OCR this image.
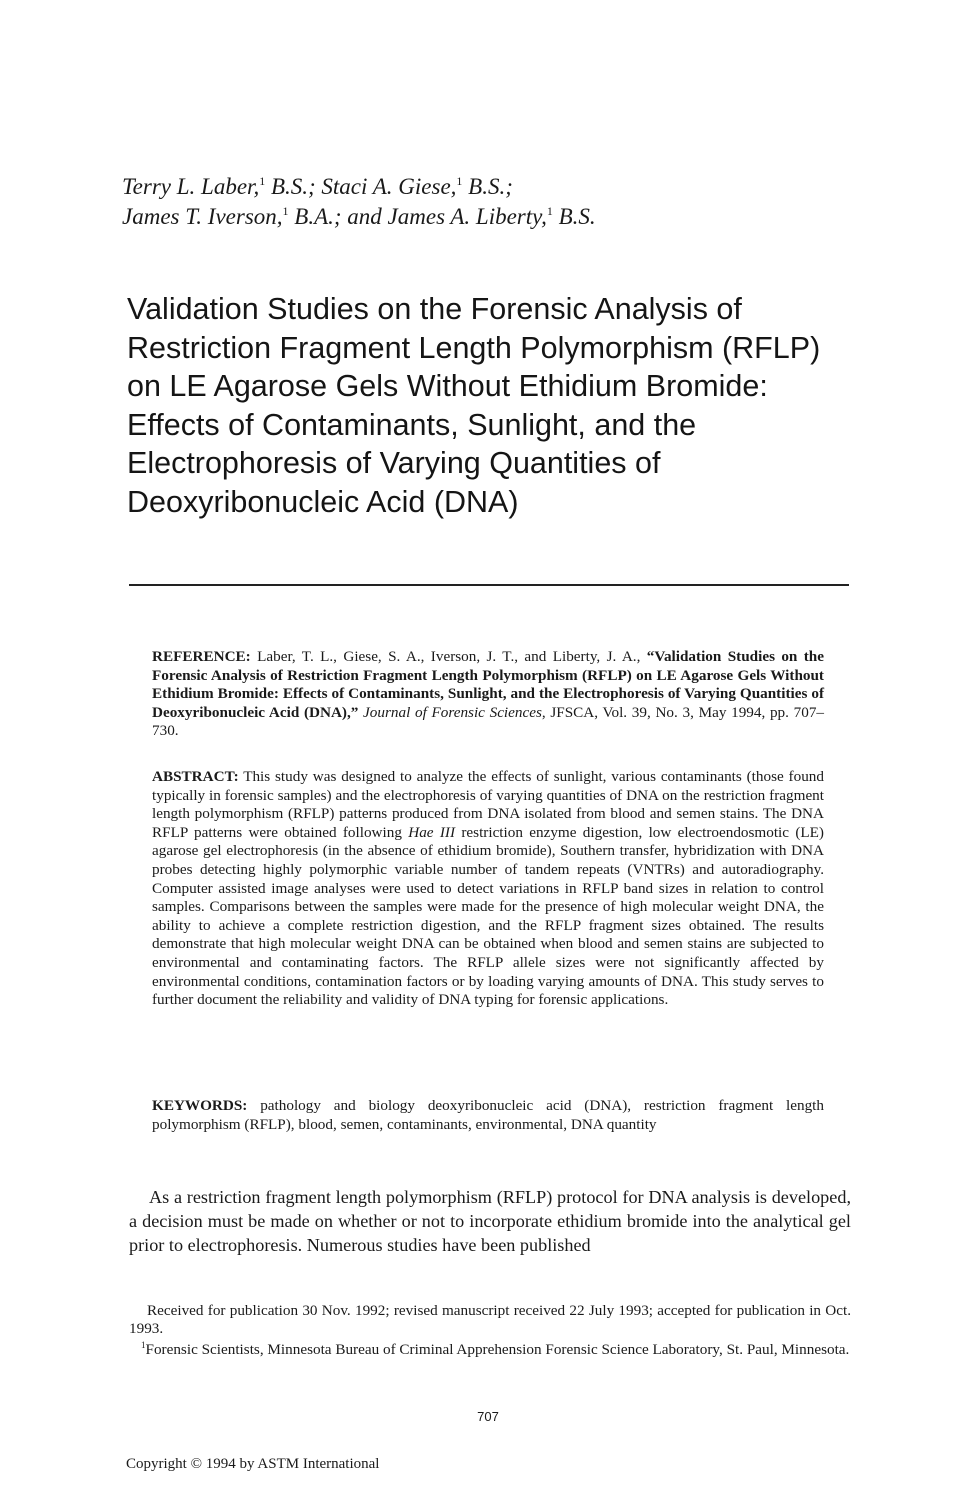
Terry L. Laber,$^1$ B.S.; Staci A. Giese,$^1$ B.S.;
James T. Iverson,$^1$ B.A.; and James A. Liberty,$^1$ B.S.
Validation Studies on the Forensic Analysis of
Restriction Fragment Length Polymorphism (RFLP)
on LE Agarose Gels Without Ethidium Bromide:
Effects of Contaminants, Sunlight, and the
Electrophoresis of Varying Quantities of
Deoxyribonucleic Acid (DNA)
REFERENCE: Laber, T. L., Giese, S. A., Iverson, J. T., and Liberty, J. A., “Validation Studies on the Forensic Analysis of Restriction Fragment Length Polymorphism (RFLP) on LE Agarose Gels Without Ethidium Bromide: Effects of Contaminants, Sunlight, and the Electrophoresis of Varying Quantities of Deoxyribonucleic Acid (DNA),” Journal of Forensic Sciences, JFSCA, Vol. 39, No. 3, May 1994, pp. 707–730.
ABSTRACT: This study was designed to analyze the effects of sunlight, various contaminants (those found typically in forensic samples) and the electrophoresis of varying quantities of DNA on the restriction fragment length polymorphism (RFLP) patterns produced from DNA isolated from blood and semen stains. The DNA RFLP patterns were obtained following Hae III restriction enzyme digestion, low electroendosmotic (LE) agarose gel electrophoresis (in the absence of ethidium bromide), Southern transfer, hybridization with DNA probes detecting highly polymorphic variable number of tandem repeats (VNTRs) and autoradiography. Computer assisted image analyses were used to detect variations in RFLP band sizes in relation to control samples. Comparisons between the samples were made for the presence of high molecular weight DNA, the ability to achieve a complete restriction digestion, and the RFLP fragment sizes obtained. The results demonstrate that high molecular weight DNA can be obtained when blood and semen stains are subjected to environmental and contaminating factors. The RFLP allele sizes were not significantly affected by environmental conditions, contamination factors or by loading varying amounts of DNA. This study serves to further document the reliability and validity of DNA typing for forensic applications.
KEYWORDS: pathology and biology deoxyribonucleic acid (DNA), restriction fragment length polymorphism (RFLP), blood, semen, contaminants, environmental, DNA quantity
As a restriction fragment length polymorphism (RFLP) protocol for DNA analysis is developed, a decision must be made on whether or not to incorporate ethidium bromide into the analytical gel prior to electrophoresis. Numerous studies have been published
Received for publication 30 Nov. 1992; revised manuscript received 22 July 1993; accepted for publication in Oct. 1993.
$^1$Forensic Scientists, Minnesota Bureau of Criminal Apprehension Forensic Science Laboratory, St. Paul, Minnesota.
707
Copyright © 1994 by ASTM International
